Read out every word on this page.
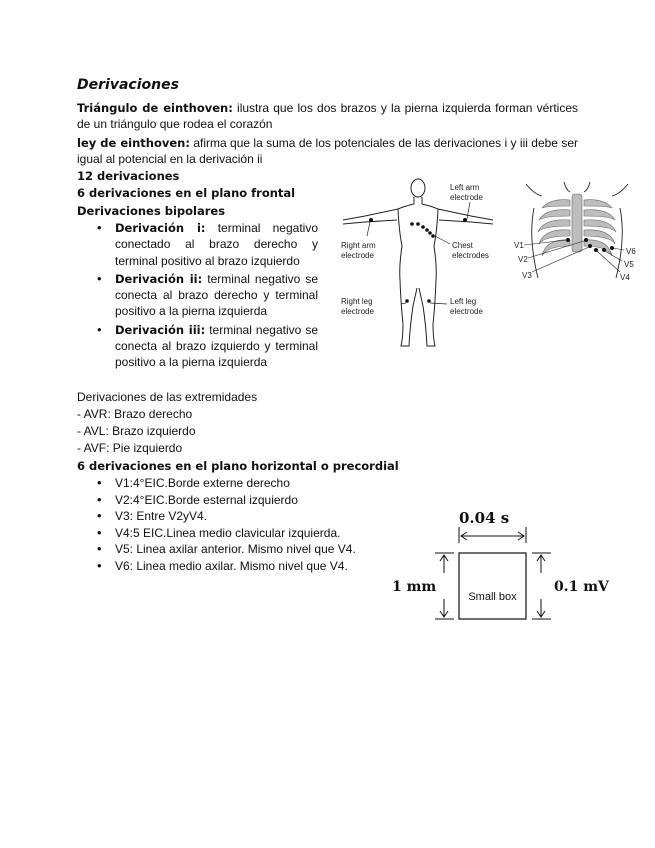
Derivaciones
Triángulo de einthoven: ilustra que los dos brazos y la pierna izquierda forman vértices de un triángulo que rodea el corazón
ley de einthoven: afirma que la suma de los potenciales de las derivaciones i y iii debe ser igual al potencial en la derivación ii
12 derivaciones
6 derivaciones en el plano frontal
Derivaciones bipolares
• Derivación i: terminal negativo conectado al brazo derecho y terminal positivo al brazo izquierdo
• Derivación ii: terminal negativo se conecta al brazo derecho y terminal positivo a la pierna izquierda
• Derivación iii: terminal negativo se conecta al brazo izquierdo y terminal positivo a la pierna izquierda
Derivaciones de las extremidades
- AVR: Brazo derecho
- AVL: Brazo izquierdo
- AVF: Pie izquierdo
6 derivaciones en el plano horizontal o precordial
• V1:4°EIC.Borde externe derecho
• V2:4°EIC.Borde esternal izquierdo
• V3: Entre V2yV4.
• V4:5 EIC.Linea medio clavicular izquierda.
• V5: Linea axilar anterior. Mismo nivel que V4.
• V6: Linea medio axilar. Mismo nivel que V4.
Left arm
electrode
Right arm
electrode
Chest
electrodes
Right leg
electrode
Left leg
electrode
V1
V2
V3	V4
V5
V6
0.04 s
1 mm	0.1 mV
Small box
